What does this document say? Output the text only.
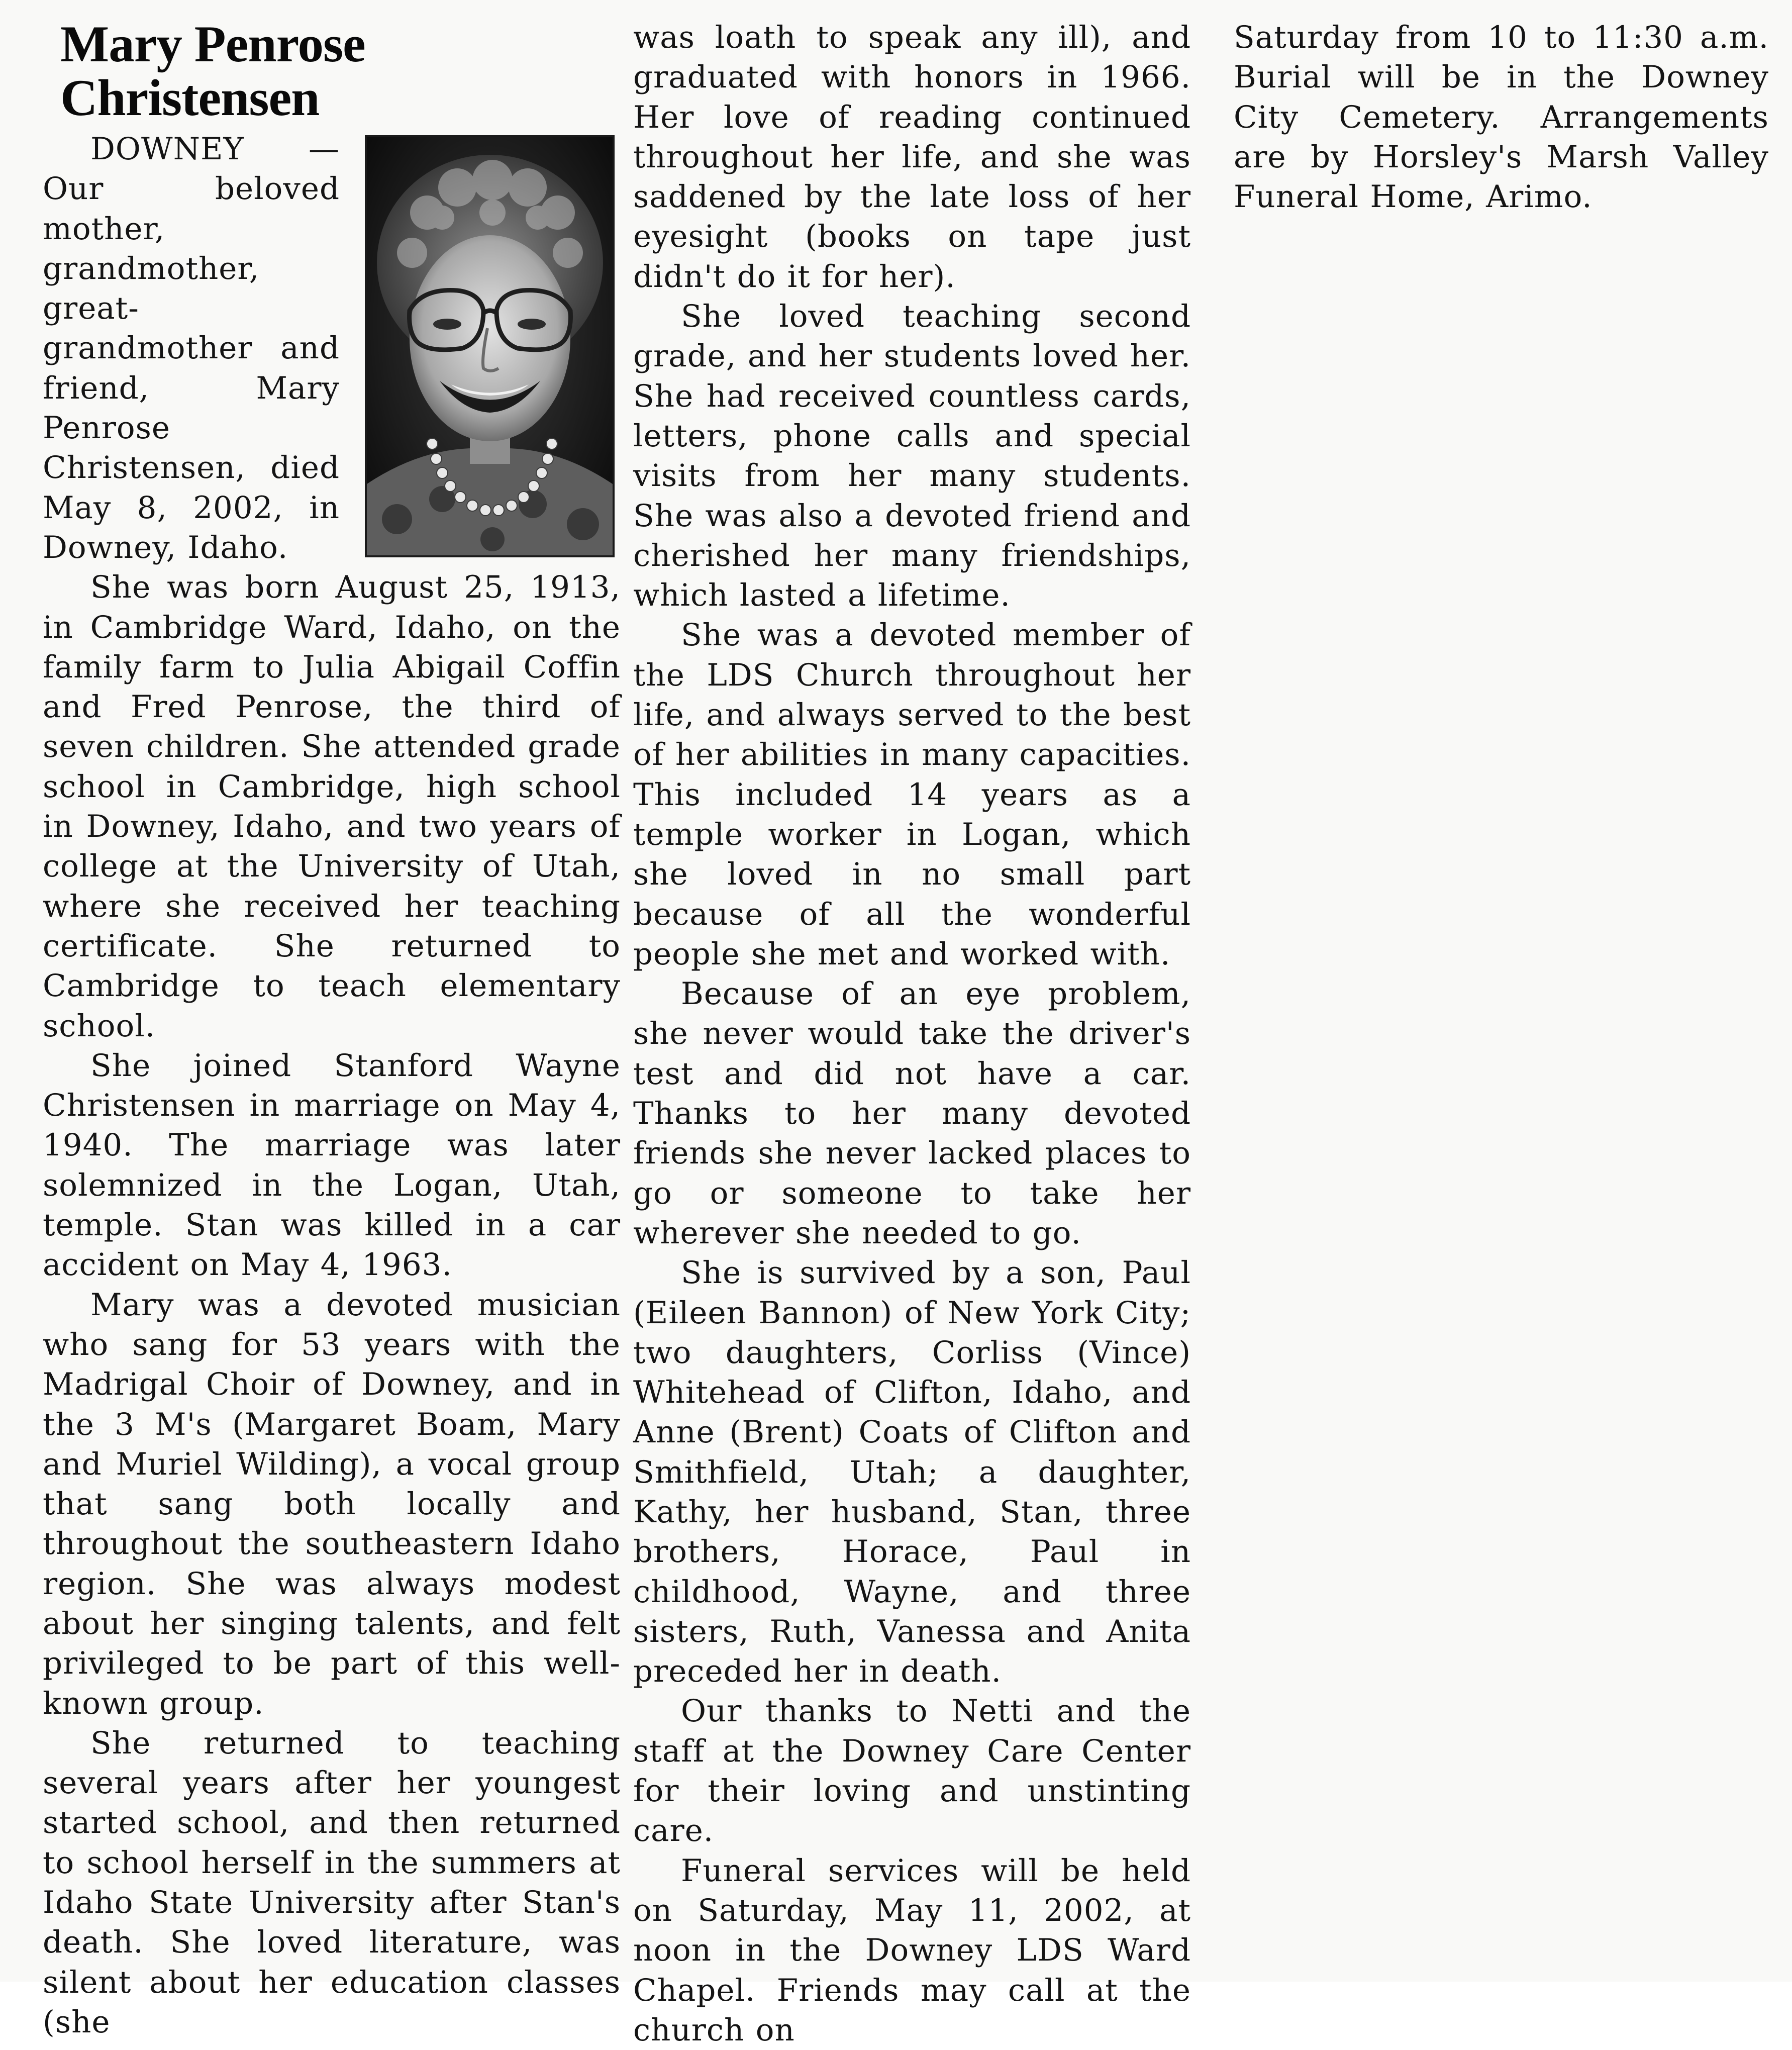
Mary Penrose
Christensen

DOWNEY — Our beloved mother, grandmother, great-grandmother and friend, Mary Penrose Christensen, died May 8, 2002, in Downey, Idaho.

She was born August 25, 1913, in Cambridge Ward, Idaho, on the family farm to Julia Abigail Coffin and Fred Penrose, the third of seven children. She attended grade school in Cambridge, high school in Downey, Idaho, and two years of college at the University of Utah, where she received her teaching certificate. She returned to Cambridge to teach elementary school.

She joined Stanford Wayne Christensen in marriage on May 4, 1940. The marriage was later solemnized in the Logan, Utah, temple. Stan was killed in a car accident on May 4, 1963.

Mary was a devoted musician who sang for 53 years with the Madrigal Choir of Downey, and in the 3 M's (Margaret Boam, Mary and Muriel Wilding), a vocal group that sang both locally and throughout the southeastern Idaho region. She was always modest about her singing talents, and felt privileged to be part of this well-known group.

She returned to teaching several years after her youngest started school, and then returned to school herself in the summers at Idaho State University after Stan's death. She loved literature, was silent about her education classes (she

was loath to speak any ill), and graduated with honors in 1966. Her love of reading continued throughout her life, and she was saddened by the late loss of her eyesight (books on tape just didn't do it for her).

She loved teaching second grade, and her students loved her. She had received countless cards, letters, phone calls and special visits from her many students. She was also a devoted friend and cherished her many friendships, which lasted a lifetime.

She was a devoted member of the LDS Church throughout her life, and always served to the best of her abilities in many capacities. This included 14 years as a temple worker in Logan, which she loved in no small part because of all the wonderful people she met and worked with.

Because of an eye problem, she never would take the driver's test and did not have a car. Thanks to her many devoted friends she never lacked places to go or someone to take her wherever she needed to go.

She is survived by a son, Paul (Eileen Bannon) of New York City; two daughters, Corliss (Vince) Whitehead of Clifton, Idaho, and Anne (Brent) Coats of Clifton and Smithfield, Utah; a daughter, Kathy, her husband, Stan, three brothers, Horace, Paul in childhood, Wayne, and three sisters, Ruth, Vanessa and Anita preceded her in death.

Our thanks to Netti and the staff at the Downey Care Center for their loving and unstinting care.

Funeral services will be held on Saturday, May 11, 2002, at noon in the Downey LDS Ward Chapel. Friends may call at the church on

Saturday from 10 to 11:30 a.m. Burial will be in the Downey City Cemetery. Arrangements are by Horsley's Marsh Valley Funeral Home, Arimo.
